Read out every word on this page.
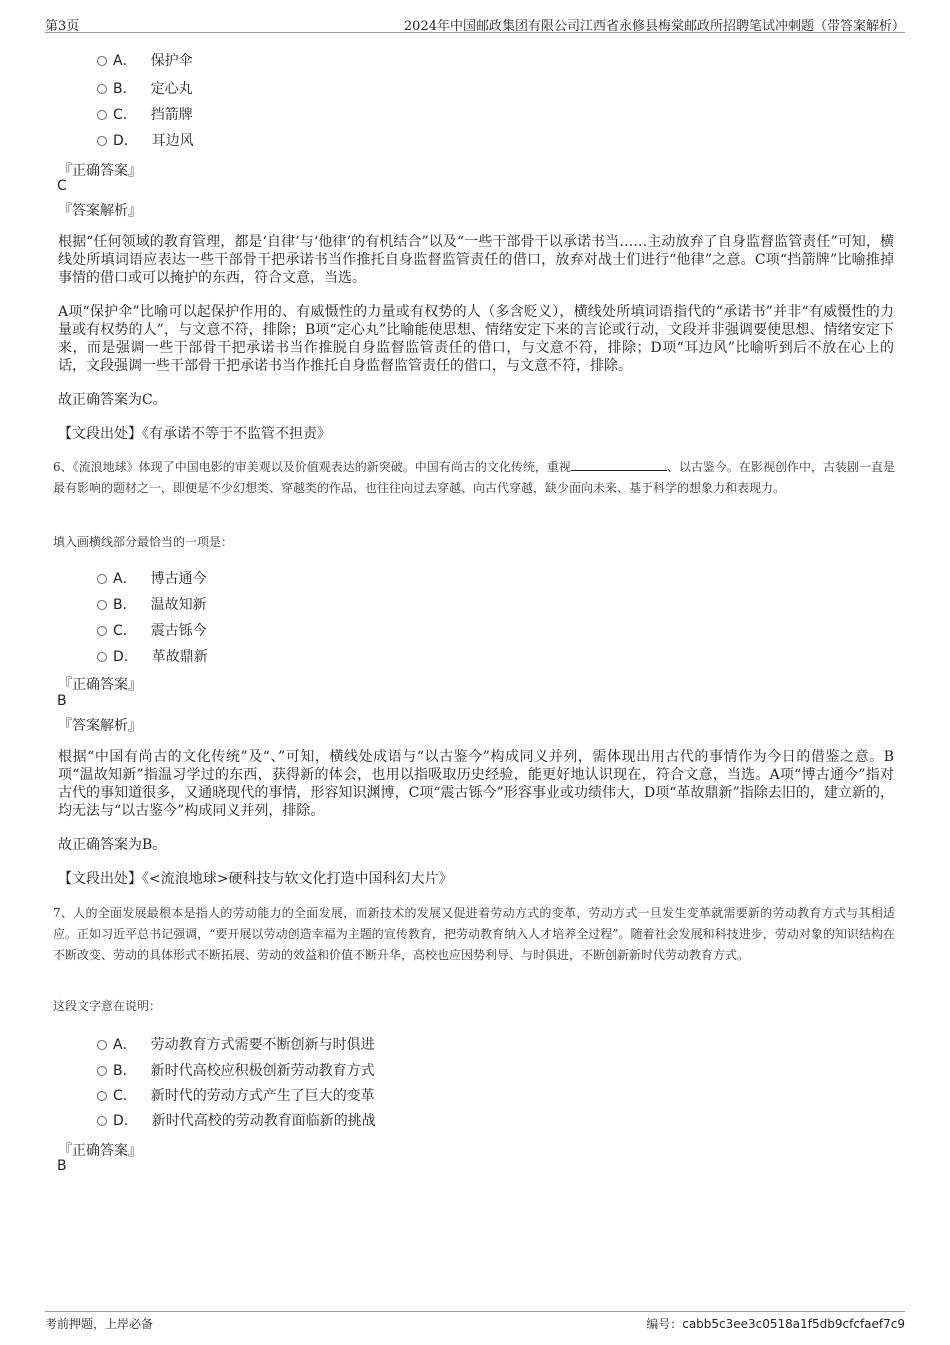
第3页	2024年中国邮政集团有限公司江西省永修县梅棠邮政所招聘笔试冲刺题（带答案解析）
A． 保护伞
B． 定心丸
C． 挡箭牌
D． 耳边风
『正确答案』
C
『答案解析』
根据“任何领域的教育管理，都是‘自律’与‘他律’的有机结合”以及“一些干部骨干以承诺书当……主动放弃了自身监督监管责任”可知，横线处所填词语应表达一些干部骨干把承诺书当作推托自身监督监管责任的借口，放弃对战士们进行“他律”之意。C项“挡箭牌”比喻推掉事情的借口或可以掩护的东西，符合文意，当选。
A项“保护伞”比喻可以起保护作用的、有威慑性的力量或有权势的人（多含贬义），横线处所填词语指代的“承诺书”并非“有威慑性的力量或有权势的人”，与文意不符，排除；B项“定心丸”比喻能使思想、情绪安定下来的言论或行动，文段并非强调要使思想、情绪安定下来，而是强调一些干部骨干把承诺书当作推脱自身监督监管责任的借口，与文意不符，排除；D项“耳边风”比喻听到后不放在心上的话，文段强调一些干部骨干把承诺书当作推托自身监督监管责任的借口，与文意不符，排除。
故正确答案为C。
【文段出处】《有承诺不等于不监管不担责》
6、《流浪地球》体现了中国电影的审美观以及价值观表达的新突破。中国有尚古的文化传统，重视	、以古鉴今。在影视创作中，古装剧一直是最有影响的题材之一，即便是不少幻想类、穿越类的作品，也往往向过去穿越、向古代穿越，缺少面向未来、基于科学的想象力和表现力。
填入画横线部分最恰当的一项是：
A． 博古通今
B． 温故知新
C． 震古铄今
D． 革故鼎新
『正确答案』
B
『答案解析』
根据“中国有尚古的文化传统”及“、”可知，横线处成语与“以古鉴今”构成同义并列，需体现出用古代的事情作为今日的借鉴之意。B项“温故知新”指温习学过的东西，获得新的体会，也用以指吸取历史经验，能更好地认识现在，符合文意，当选。A项“博古通今”指对古代的事知道很多，又通晓现代的事情，形容知识渊博，C项“震古铄今”形容事业或功绩伟大，D项“革故鼎新”指除去旧的，建立新的，均无法与“以古鉴今”构成同义并列，排除。
故正确答案为B。
【文段出处】《<流浪地球>硬科技与软文化打造中国科幻大片》
7、人的全面发展最根本是指人的劳动能力的全面发展，而新技术的发展又促进着劳动方式的变革，劳动方式一旦发生变革就需要新的劳动教育方式与其相适应。正如习近平总书记强调，“要开展以劳动创造幸福为主题的宣传教育，把劳动教育纳入人才培养全过程”。随着社会发展和科技进步，劳动对象的知识结构在不断改变、劳动的具体形式不断拓展、劳动的效益和价值不断升华，高校也应因势利导、与时俱进，不断创新新时代劳动教育方式。
这段文字意在说明：
A． 劳动教育方式需要不断创新与时俱进
B． 新时代高校应积极创新劳动教育方式
C． 新时代的劳动方式产生了巨大的变革
D． 新时代高校的劳动教育面临新的挑战
『正确答案』
B
考前押题，上岸必备	编号：cabb5c3ee3c0518a1f5db9cfcfaef7c9
